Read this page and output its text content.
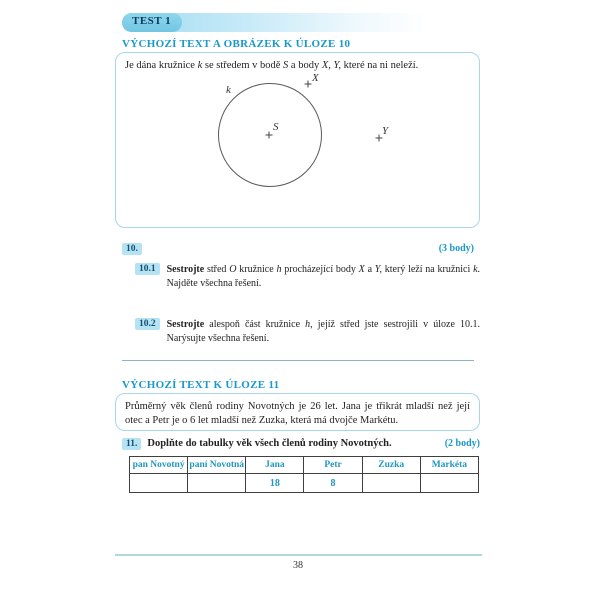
TEST 1
VÝCHOZÍ TEXT A OBRÁZEK K ÚLOZE 10
Je dána kružnice k se středem v bodě S a body X, Y, které na ni neleží.
k
S
X
Y
10.	(3 body)
10.1	Sestrojte střed O kružnice h procházející body X a Y, který leží na kružnici k. Najděte všechna řešení.
10.2	Sestrojte alespoň část kružnice h, jejíž střed jste sestrojili v úloze 10.1. Narýsujte všechna řešení.
VÝCHOZÍ TEXT K ÚLOZE 11
Průměrný věk členů rodiny Novotných je 26 let. Jana je třikrát mladší než její otec a Petr je o 6 let mladší než Zuzka, která má dvojče Markétu.
11. Doplňte do tabulky věk všech členů rodiny Novotných.	(2 body)
pan Novotný	paní Novotná	Jana	Petr	Zuzka	Markéta
		18	8		
38
